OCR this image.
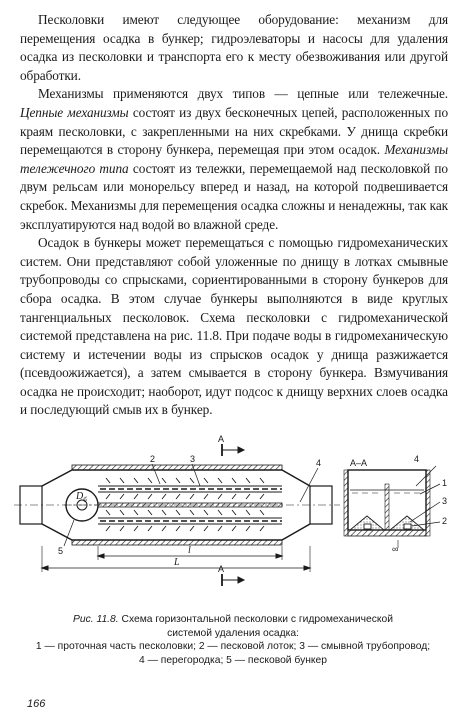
Песколовки имеют следующее оборудование: механизм для перемещения осадка в бункер; гидроэлеваторы и насосы для удаления осадка из песколовки и транспорта его к месту обезвоживания или другой обработки.

Механизмы применяются двух типов — цепные или тележечные. Цепные механизмы состоят из двух бесконечных цепей, расположенных по краям песколовки, с закрепленными на них скребками. У днища скребки перемещаются в сторону бункера, перемещая при этом осадок. Механизмы тележечного типа состоят из тележки, перемещаемой над песколовкой по двум рельсам или монорельсу вперед и назад, на которой подвешивается скребок. Механизмы для перемещения осадка сложны и ненадежны, так как эксплуатируются над водой во влажной среде.

Осадок в бункеры может перемещаться с помощью гидромеханических систем. Они представляют собой уложенные по днищу в лотках смывные трубопроводы со спрысками, сориентированными в сторону бункеров для сбора осадка. В этом случае бункеры выполняются в виде круглых тангенциальных песколовок. Схема песколовки с гидромеханической системой представлена на рис. 11.8. При подаче воды в гидромеханическую систему и истечении воды из спрысков осадок у днища разжижается (псевдоожижается), а затем смывается в сторону бункера. Взмучивания осадка не происходит; наоборот, идут подсос к днищу верхних слоев осадка и последующий смыв их в бункер.

A
A
A–A
2	3	4
5
$D_б$
l
L
4
1
3
2
∞
Рис. 11.8. Схема горизонтальной песколовки с гидромеханической
системой удаления осадка:
1 — проточная часть песколовки; 2 — песковой лоток; 3 — смывной трубопровод;
4 — перегородка; 5 — песковой бункер
166
